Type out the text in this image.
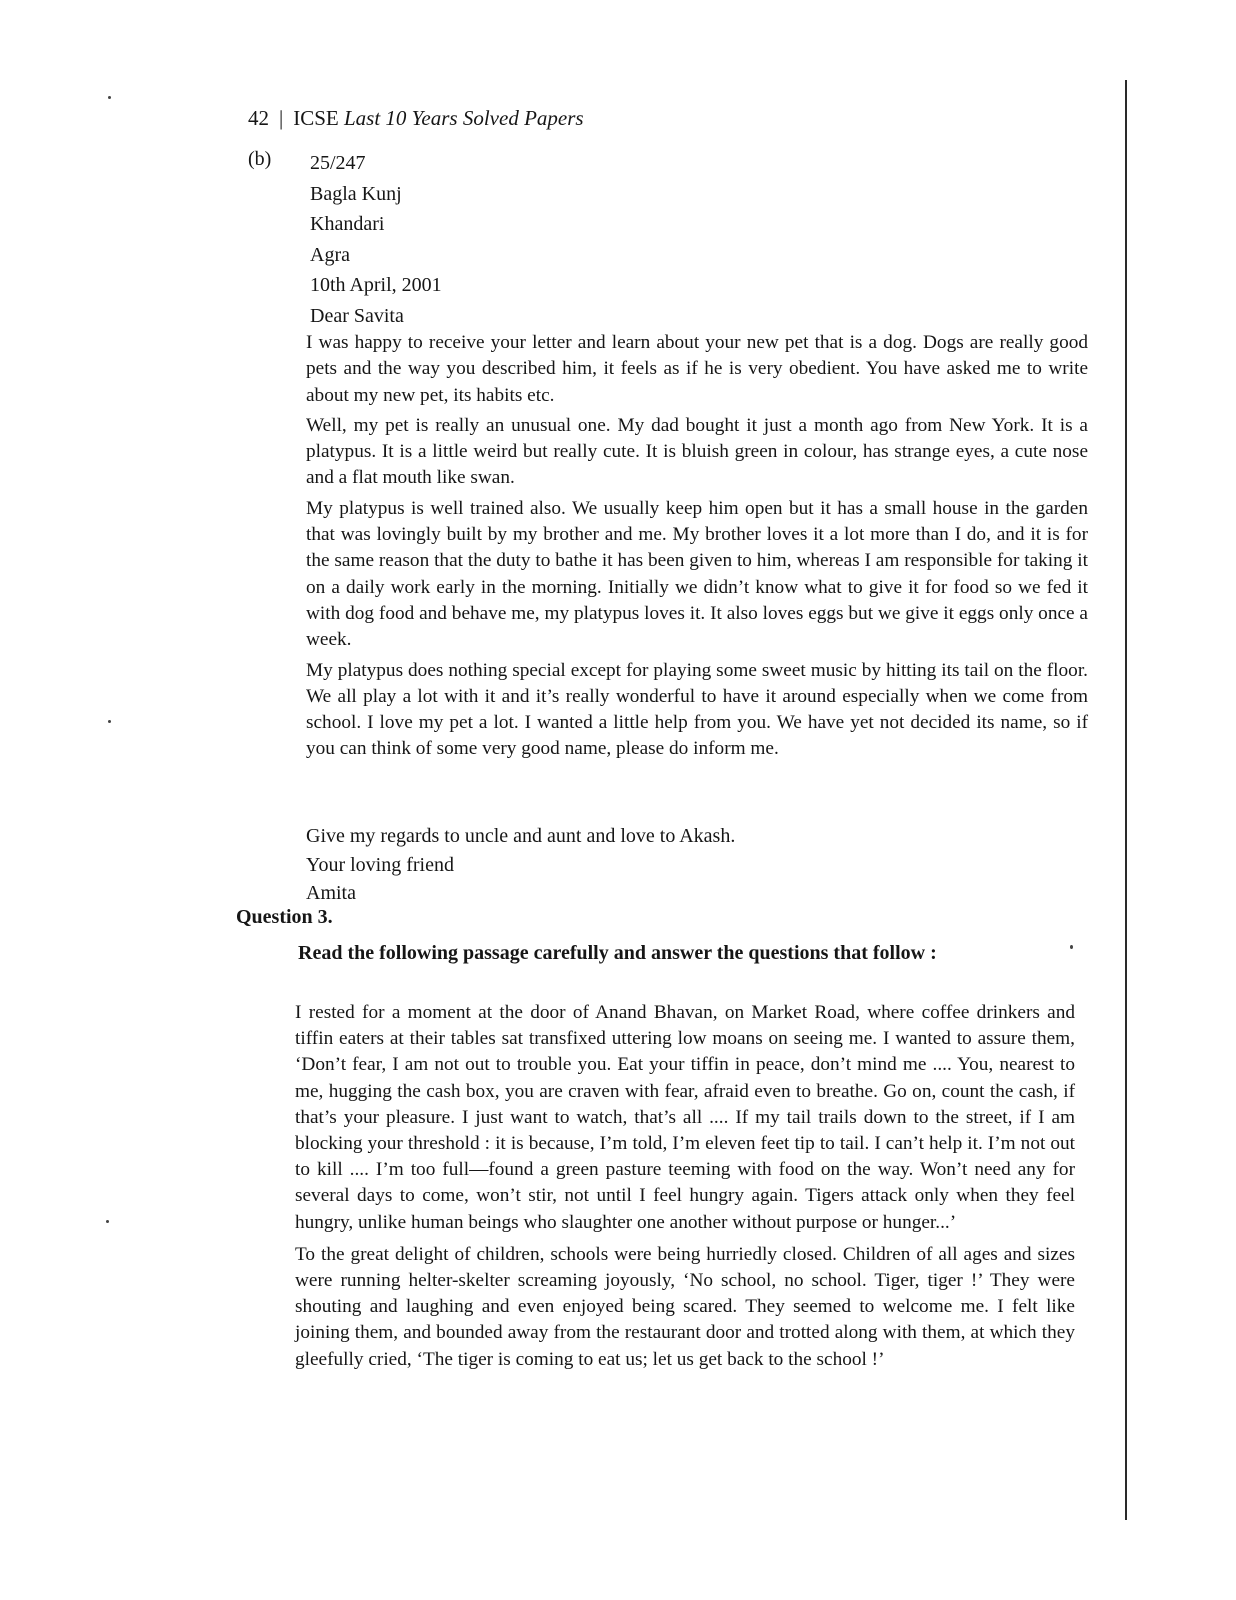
42 | ICSE Last 10 Years Solved Papers
(b) 25/247
Bagla Kunj
Khandari
Agra
10th April, 2001
Dear Savita

I was happy to receive your letter and learn about your new pet that is a dog. Dogs are really good pets and the way you described him, it feels as if he is very obedient. You have asked me to write about my new pet, its habits etc.

Well, my pet is really an unusual one. My dad bought it just a month ago from New York. It is a platypus. It is a little weird but really cute. It is bluish green in colour, has strange eyes, a cute nose and a flat mouth like swan.

My platypus is well trained also. We usually keep him open but it has a small house in the garden that was lovingly built by my brother and me. My brother loves it a lot more than I do, and it is for the same reason that the duty to bathe it has been given to him, whereas I am responsible for taking it on a daily work early in the morning. Initially we didn’t know what to give it for food so we fed it with dog food and behave me, my platypus loves it. It also loves eggs but we give it eggs only once a week.

My platypus does nothing special except for playing some sweet music by hitting its tail on the floor. We all play a lot with it and it’s really wonderful to have it around especially when we come from school. I love my pet a lot. I wanted a little help from you. We have yet not decided its name, so if you can think of some very good name, please do inform me.

Give my regards to uncle and aunt and love to Akash.
Your loving friend
Amita
Question 3.
Read the following passage carefully and answer the questions that follow :

I rested for a moment at the door of Anand Bhavan, on Market Road, where coffee drinkers and tiffin eaters at their tables sat transfixed uttering low moans on seeing me. I wanted to assure them, ‘Don’t fear, I am not out to trouble you. Eat your tiffin in peace, don’t mind me .... You, nearest to me, hugging the cash box, you are craven with fear, afraid even to breathe. Go on, count the cash, if that’s your pleasure. I just want to watch, that’s all .... If my tail trails down to the street, if I am blocking your threshold : it is because, I’m told, I’m eleven feet tip to tail. I can’t help it. I’m not out to kill .... I’m too full—found a green pasture teeming with food on the way. Won’t need any for several days to come, won’t stir, not until I feel hungry again. Tigers attack only when they feel hungry, unlike human beings who slaughter one another without purpose or hunger...’

To the great delight of children, schools were being hurriedly closed. Children of all ages and sizes were running helter-skelter screaming joyously, ‘No school, no school. Tiger, tiger !’ They were shouting and laughing and even enjoyed being scared. They seemed to welcome me. I felt like joining them, and bounded away from the restaurant door and trotted along with them, at which they gleefully cried, ‘The tiger is coming to eat us; let us get back to the school !’
